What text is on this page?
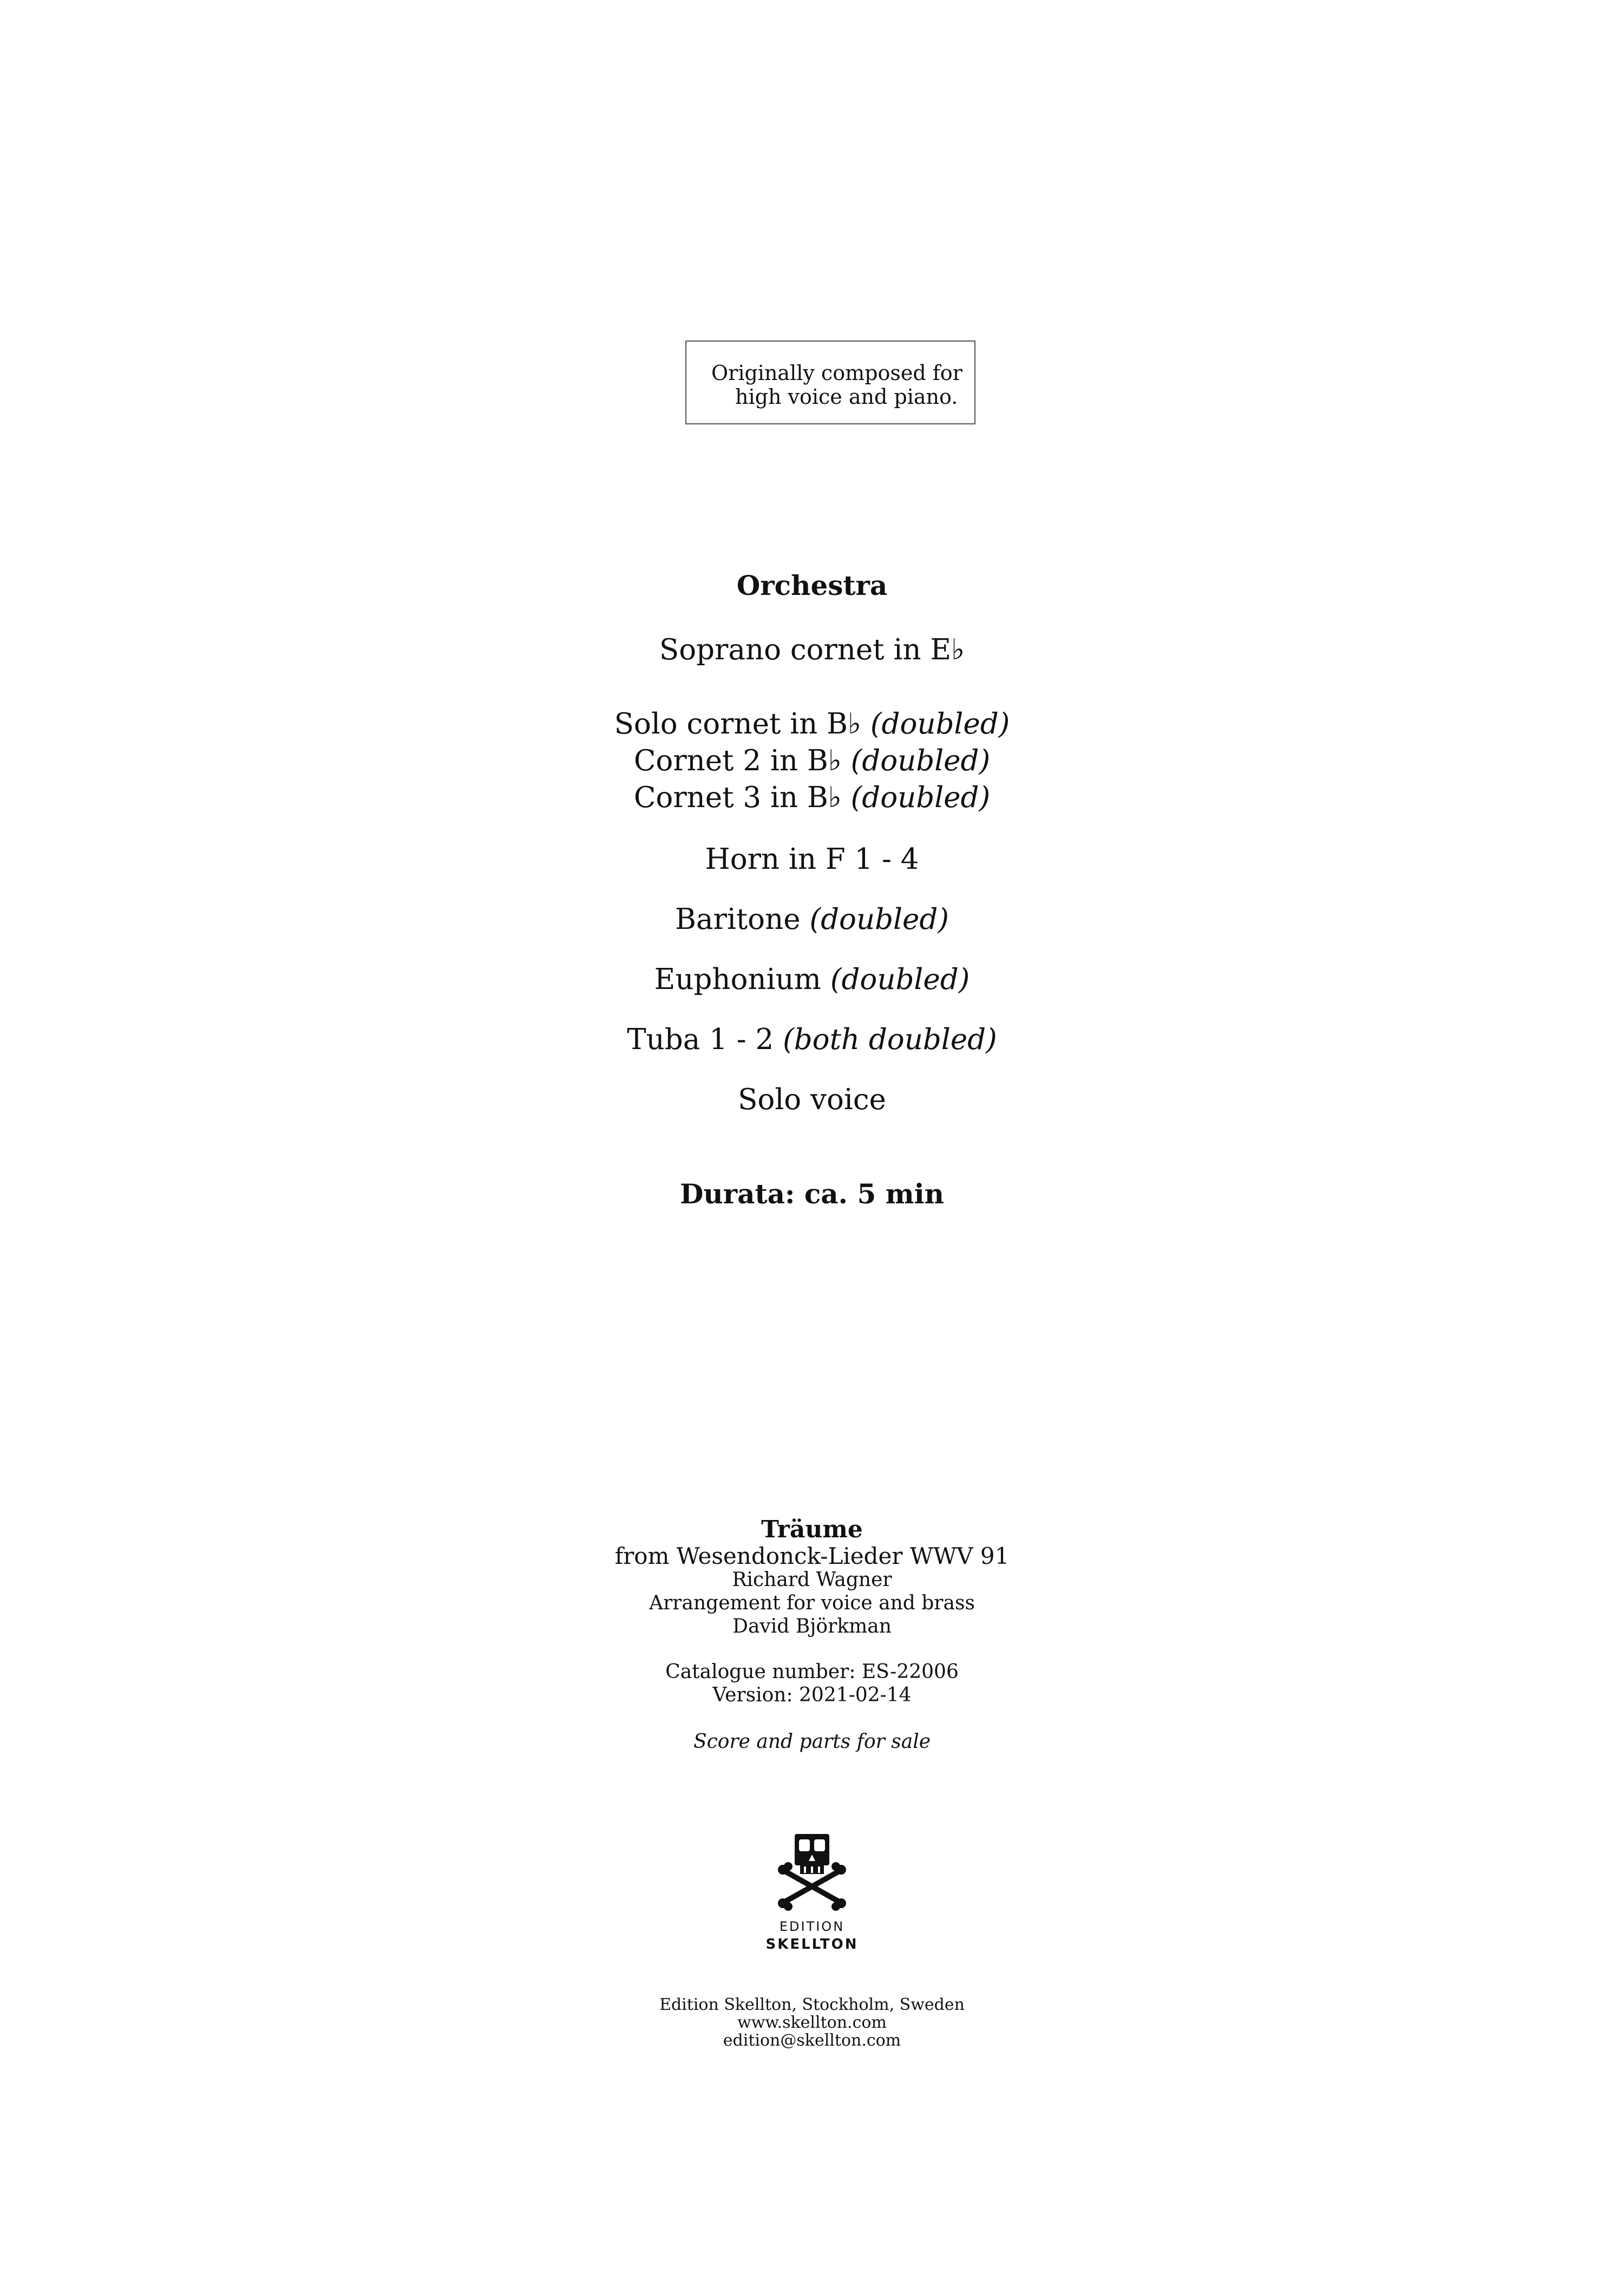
Originally composed for
high voice and piano.
Orchestra
Soprano cornet in E♭
Solo cornet in B♭ (doubled)
Cornet 2 in B♭ (doubled)
Cornet 3 in B♭ (doubled)
Horn in F 1 - 4
Baritone (doubled)
Euphonium (doubled)
Tuba 1 - 2 (both doubled)
Solo voice
Durata: ca. 5 min
Träume
from Wesendonck-Lieder WWV 91
Richard Wagner
Arrangement for voice and brass
David Björkman
Catalogue number: ES-22006
Version: 2021-02-14
Score and parts for sale
EDITION
SKELLTON
Edition Skellton, Stockholm, Sweden
www.skellton.com
edition@skellton.com
